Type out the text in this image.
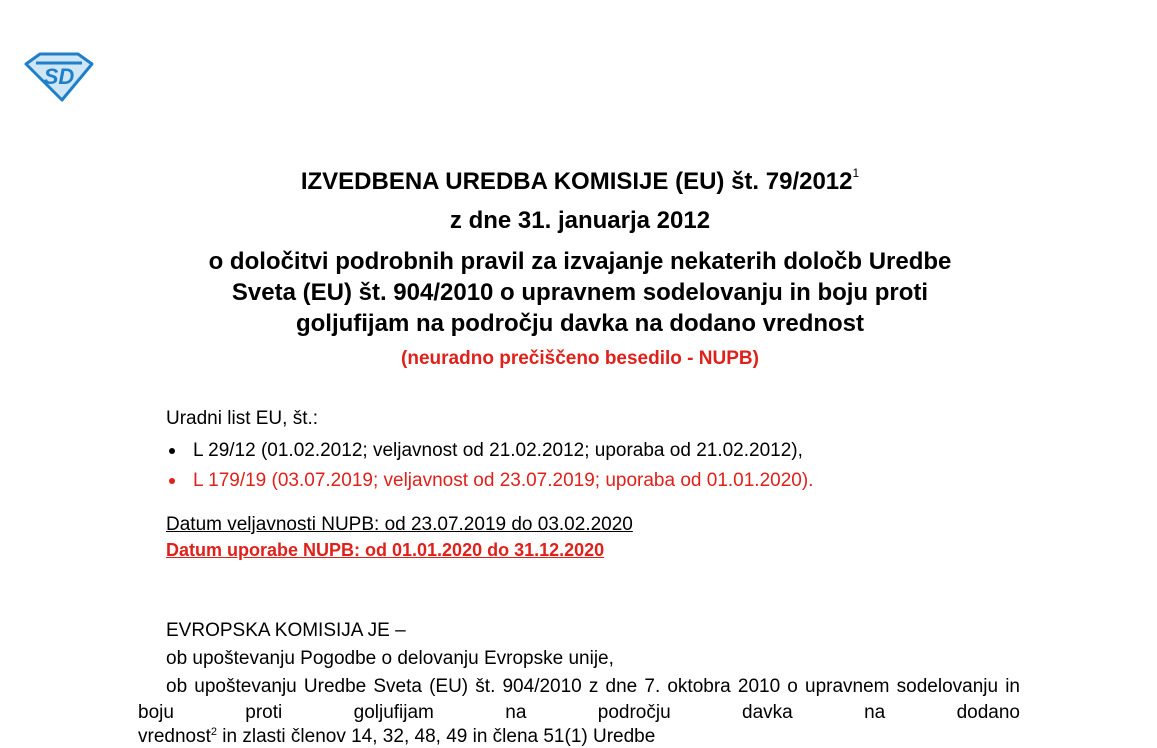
SD
IZVEDBENA UREDBA KOMISIJE (EU) št. 79/2012$^1$
z dne 31. januarja 2012
o določitvi podrobnih pravil za izvajanje nekaterih določb Uredbe
Sveta (EU) št. 904/2010 o upravnem sodelovanju in boju proti
goljufijam na področju davka na dodano vrednost
(neuradno prečiščeno besedilo - NUPB)
Uradni list EU, št.:
L 29/12 (01.02.2012; veljavnost od 21.02.2012; uporaba od 21.02.2012),
L 179/19 (03.07.2019; veljavnost od 23.07.2019; uporaba od 01.01.2020).
Datum veljavnosti NUPB: od 23.07.2019 do 03.02.2020
Datum uporabe NUPB: od 01.01.2020 do 31.12.2020
EVROPSKA KOMISIJA JE –
ob upoštevanju Pogodbe o delovanju Evropske unije,
ob upoštevanju Uredbe Sveta (EU) št. 904/2010 z dne 7. oktobra 2010 o upravnem sodelovanju in boju proti goljufijam na področju davka na dodano
vrednost$^2$ in zlasti členov 14, 32, 48, 49 in člena 51(1) Uredbe
